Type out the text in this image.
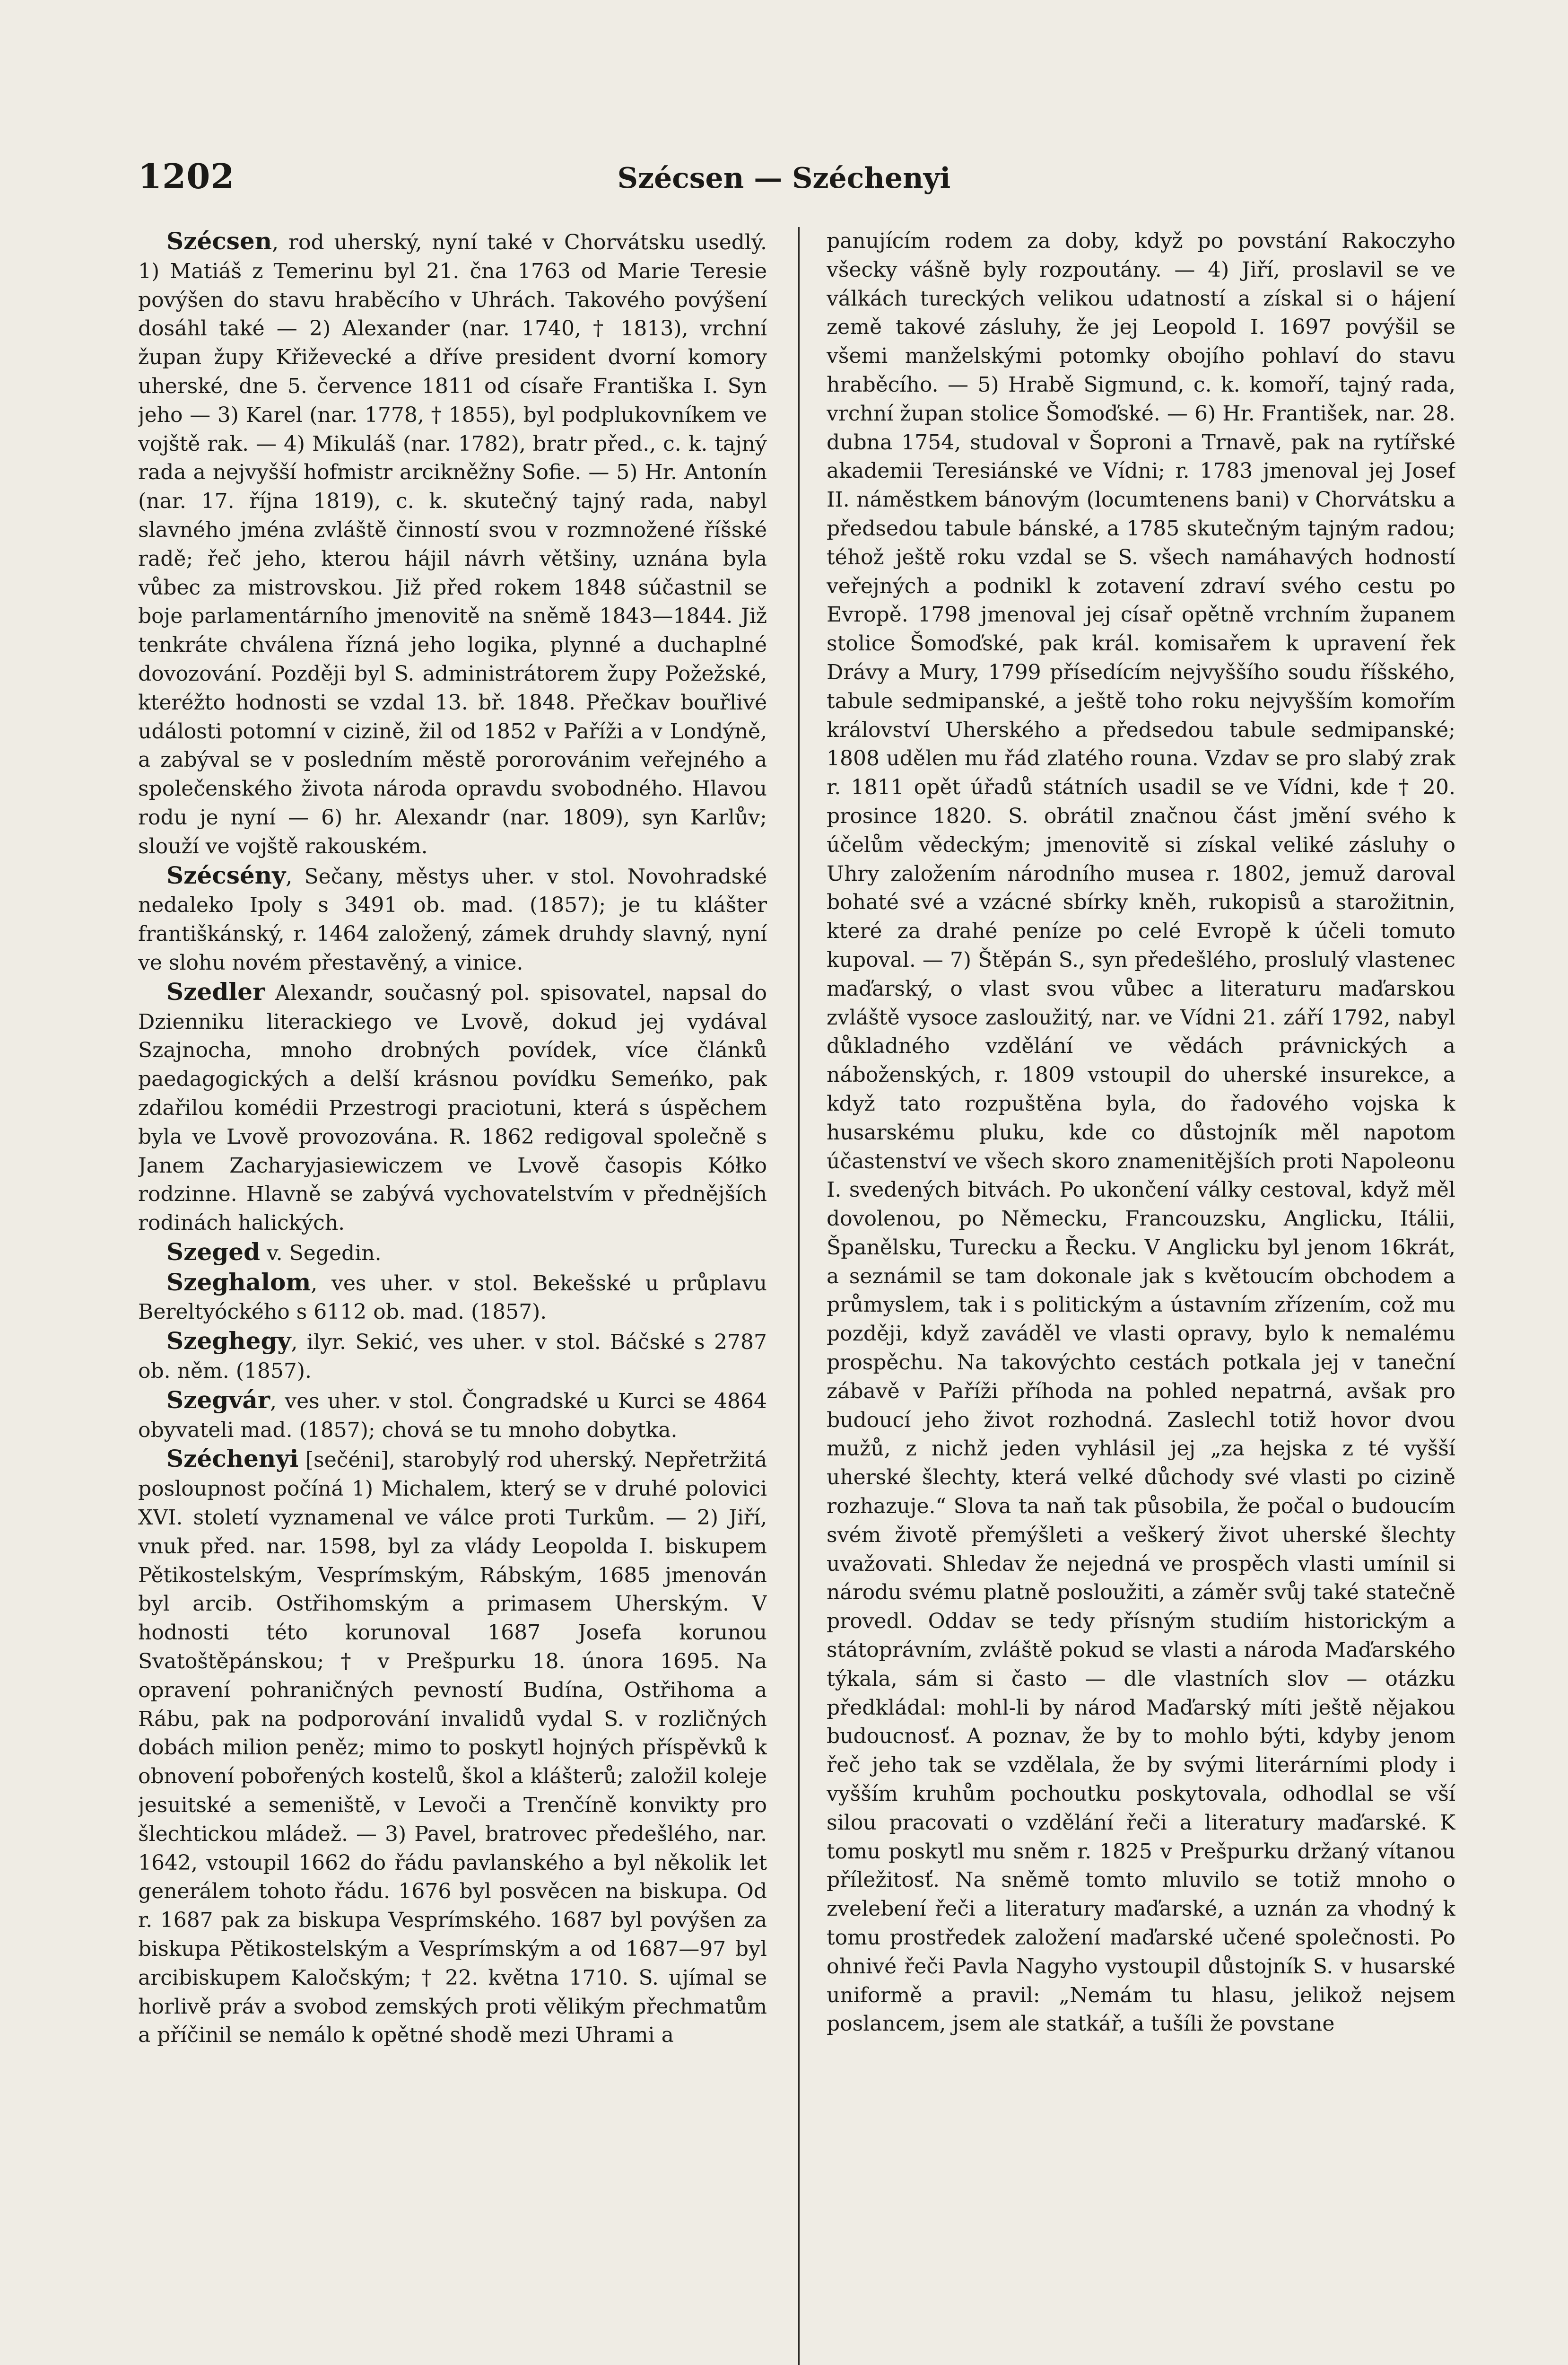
1202	Szécsen — Széchenyi

Szécsen, rod uherský, nyní také v Chorvátsku usedlý. 1) Matiáš z Temerinu byl 21. čna 1763 od Marie Teresie povýšen do stavu hraběcího v Uhrách. Takového povýšení dosáhl také — 2) Alexander (nar. 1740, † 1813), vrchní župan župy Křiževecké a dříve president dvorní komory uherské, dne 5. července 1811 od císaře Františka I. Syn jeho — 3) Karel (nar. 1778, † 1855), byl podplukovníkem ve vojště rak. — 4) Mikuláš (nar. 1782), bratr před., c. k. tajný rada a nejvyšší hofmistr arcikněžny Sofie. — 5) Hr. Antonín (nar. 17. října 1819), c. k. skutečný tajný rada, nabyl slavného jména zvláště činností svou v rozmnožené říšské radě; řeč jeho, kterou hájil návrh většiny, uznána byla vůbec za mistrovskou. Již před rokem 1848 súčastnil se boje parlamentárního jmenovitě na sněmě 1843—1844. Již tenkráte chválena řízná jeho logika, plynné a duchaplné dovozování. Později byl S. administrátorem župy Požežské, kteréžto hodnosti se vzdal 13. bř. 1848. Přečkav bouřlivé události potomní v cizině, žil od 1852 v Paříži a v Londýně, a zabýval se v posledním městě pororovánim veřejného a společenského života národa opravdu svobodného. Hlavou rodu je nyní — 6) hr. Alexandr (nar. 1809), syn Karlův; slouží ve vojště rakouském.

Szécsény, Sečany, městys uher. v stol. Novohradské nedaleko Ipoly s 3491 ob. mad. (1857); je tu klášter františkánský, r. 1464 založený, zámek druhdy slavný, nyní ve slohu novém přestavěný, a vinice.

Szedler Alexandr, současný pol. spisovatel, napsal do Dzienniku literackiego ve Lvově, dokud jej vydával Szajnocha, mnoho drobných povídek, více článků paedagogických a delší krásnou povídku Semeńko, pak zdařilou komédii Przestrogi praciotuni, která s úspěchem byla ve Lvově provozována. R. 1862 redigoval společně s Janem Zacharyjasiewiczem ve Lvově časopis Kółko rodzinne. Hlavně se zabývá vychovatelstvím v přednějších rodinách halických.

Szeged v. Segedin.

Szeghalom, ves uher. v stol. Bekešské u průplavu Bereltyóckého s 6112 ob. mad. (1857).

Szeghegy, ilyr. Sekić, ves uher. v stol. Báčské s 2787 ob. něm. (1857).

Szegvár, ves uher. v stol. Čongradské u Kurci se 4864 obyvateli mad. (1857); chová se tu mnoho dobytka.

Széchenyi [sečéni], starobylý rod uherský. Nepřetržitá posloupnost počíná 1) Michalem, který se v druhé polovici XVI. století vyznamenal ve válce proti Turkům. — 2) Jiří, vnuk před. nar. 1598, byl za vlády Leopolda I. biskupem Pětikostelským, Vesprímským, Rábským, 1685 jmenován byl arcib. Ostřihomským a primasem Uherským. V hodnosti této korunoval 1687 Josefa korunou Svatoštěpánskou; † v Prešpurku 18. února 1695. Na opravení pohraničných pevností Budína, Ostřihoma a Rábu, pak na podporování invalidů vydal S. v rozličných dobách milion peněz; mimo to poskytl hojných příspěvků k obnovení pobořených kostelů, škol a klášterů; založil koleje jesuitské a semeniště, v Levoči a Trenčíně konvikty pro šlechtickou mládež. — 3) Pavel, bratrovec předešlého, nar. 1642, vstoupil 1662 do řádu pavlanského a byl několik let generálem tohoto řádu. 1676 byl posvěcen na biskupa. Od r. 1687 pak za biskupa Vesprímského. 1687 byl povýšen za biskupa Pětikostelským a Vesprímským a od 1687—97 byl arcibiskupem Kaločským; † 22. května 1710. S. ujímal se horlivě práv a svobod zemských proti vělikým přechmatům a příčinil se nemálo k opětné shodě mezi Uhrami a

panujícím rodem za doby, když po povstání Rakoczyho všecky vášně byly rozpoutány. — 4) Jiří, proslavil se ve válkách tureckých velikou udatností a získal si o hájení země takové zásluhy, že jej Leopold I. 1697 povýšil se všemi manželskými potomky obojího pohlaví do stavu hraběcího. — 5) Hrabě Sigmund, c. k. komoří, tajný rada, vrchní župan stolice Šomoďské. — 6) Hr. František, nar. 28. dubna 1754, studoval v Šoproni a Trnavě, pak na rytířské akademii Teresiánské ve Vídni; r. 1783 jmenoval jej Josef II. náměstkem bánovým (locumtenens bani) v Chorvátsku a předsedou tabule bánské, a 1785 skutečným tajným radou; téhož ještě roku vzdal se S. všech namáhavých hodností veřejných a podnikl k zotavení zdraví svého cestu po Evropě. 1798 jmenoval jej císař opětně vrchním županem stolice Šomoďské, pak král. komisařem k upravení řek Drávy a Mury, 1799 přísedícím nejvyššího soudu říšského, tabule sedmipanské, a ještě toho roku nejvyšším komořím království Uherského a předsedou tabule sedmipanské; 1808 udělen mu řád zlatého rouna. Vzdav se pro slabý zrak r. 1811 opět úřadů státních usadil se ve Vídni, kde † 20. prosince 1820. S. obrátil značnou část jmění svého k účelům vědeckým; jmenovitě si získal veliké zásluhy o Uhry založením národního musea r. 1802, jemuž daroval bohaté své a vzácné sbírky kněh, rukopisů a starožitnin, které za drahé peníze po celé Evropě k účeli tomuto kupoval. — 7) Štěpán S., syn předešlého, proslulý vlastenec maďarský, o vlast svou vůbec a literaturu maďarskou zvláště vysoce zasloužitý, nar. ve Vídni 21. září 1792, nabyl důkladného vzdělání ve vědách právnických a náboženských, r. 1809 vstoupil do uherské insurekce, a když tato rozpuštěna byla, do řadového vojska k husarskému pluku, kde co důstojník měl napotom účastenství ve všech skoro znamenitějších proti Napoleonu I. svedených bitvách. Po ukončení války cestoval, když měl dovolenou, po Německu, Francouzsku, Anglicku, Itálii, Španělsku, Turecku a Řecku. V Anglicku byl jenom 16krát, a seznámil se tam dokonale jak s květoucím obchodem a průmyslem, tak i s politickým a ústavním zřízením, což mu později, když zaváděl ve vlasti opravy, bylo k nemalému prospěchu. Na takovýchto cestách potkala jej v taneční zábavě v Paříži příhoda na pohled nepatrná, avšak pro budoucí jeho život rozhodná. Zaslechl totiž hovor dvou mužů, z nichž jeden vyhlásil jej „za hejska z té vyšší uherské šlechty, která velké důchody své vlasti po cizině rozhazuje.“ Slova ta naň tak působila, že počal o budoucím svém životě přemýšleti a veškerý život uherské šlechty uvažovati. Shledav že nejedná ve prospěch vlasti umínil si národu svému platně posloužiti, a záměr svůj také statečně provedl. Oddav se tedy přísným studiím historickým a státoprávním, zvláště pokud se vlasti a národa Maďarského týkala, sám si často — dle vlastních slov — otázku předkládal: mohl-li by národ Maďarský míti ještě nějakou budoucnosť. A poznav, že by to mohlo býti, kdyby jenom řeč jeho tak se vzdělala, že by svými literárními plody i vyšším kruhům pochoutku poskytovala, odhodlal se vší silou pracovati o vzdělání řeči a literatury maďarské. K tomu poskytl mu sněm r. 1825 v Prešpurku držaný vítanou příležitosť. Na sněmě tomto mluvilo se totiž mnoho o zvelebení řeči a literatury maďarské, a uznán za vhodný k tomu prostředek založení maďarské učené společnosti. Po ohnivé řeči Pavla Nagyho vystoupil důstojník S. v husarské uniformě a pravil: „Nemám tu hlasu, jelikož nejsem poslancem, jsem ale statkář, a tušíli že povstane
